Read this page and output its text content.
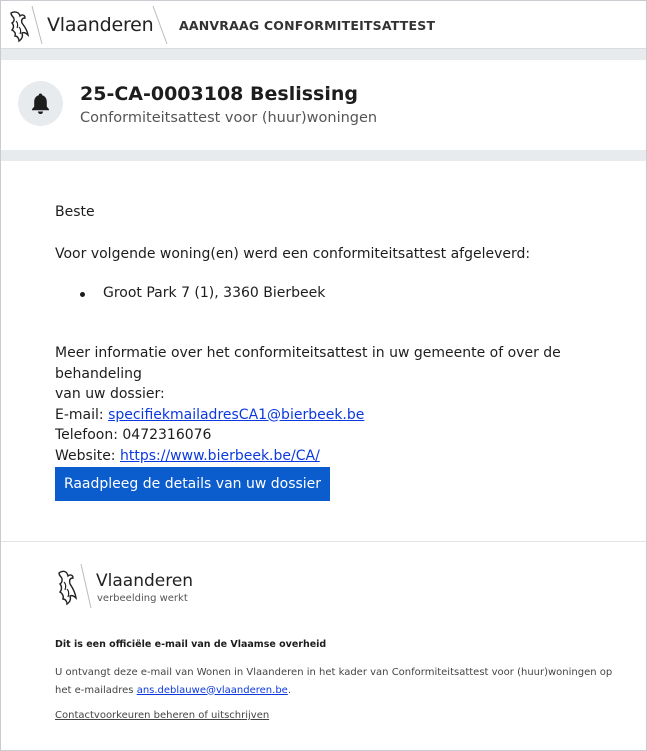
Vlaanderen AANVRAAG CONFORMITEITSATTEST
25-CA-0003108 Beslissing
Conformiteitsattest voor (huur)woningen
Beste
Voor volgende woning(en) werd een conformiteitsattest afgeleverd:
Groot Park 7 (1), 3360 Bierbeek
Meer informatie over het conformiteitsattest in uw gemeente of over de behandeling
van uw dossier:
E-mail: specifiekmailadresCA1@bierbeek.be
Telefoon: 0472316076
Website: https://www.bierbeek.be/CA/
Raadpleeg de details van uw dossier
Vlaanderen
verbeelding werkt
Dit is een officiële e-mail van de Vlaamse overheid
U ontvangt deze e-mail van Wonen in Vlaanderen in het kader van Conformiteitsattest voor (huur)woningen op
het e-mailadres ans.deblauwe@vlaanderen.be.
Contactvoorkeuren beheren of uitschrijven
